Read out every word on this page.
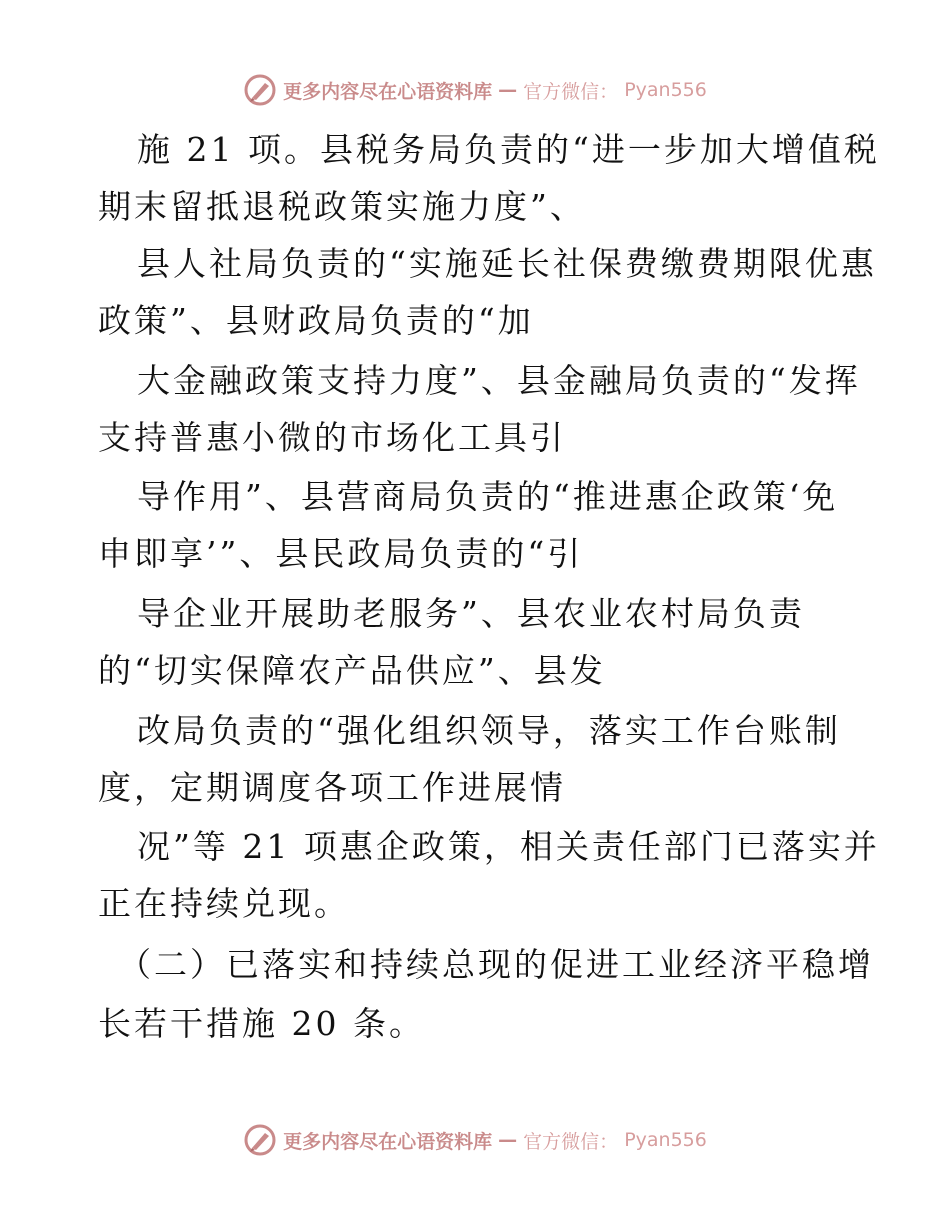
更多内容尽在心语资料库 — 官方微信： Pyan556
施 21 项。县税务局负责的“进一步加大增值税
期末留抵退税政策实施力度”、
县人社局负责的“实施延长社保费缴费期限优惠
政策”、县财政局负责的“加
大金融政策支持力度”、县金融局负责的“发挥
支持普惠小微的市场化工具引
导作用”、县营商局负责的“推进惠企政策‘免
申即享’”、县民政局负责的“引
导企业开展助老服务”、县农业农村局负责
的“切实保障农产品供应”、县发
改局负责的“强化组织领导，落实工作台账制
度，定期调度各项工作进展情
况”等 21 项惠企政策，相关责任部门已落实并
正在持续兑现。
（二）已落实和持续总现的促进工业经济平稳增
长若干措施 20 条。
更多内容尽在心语资料库 — 官方微信： Pyan556
